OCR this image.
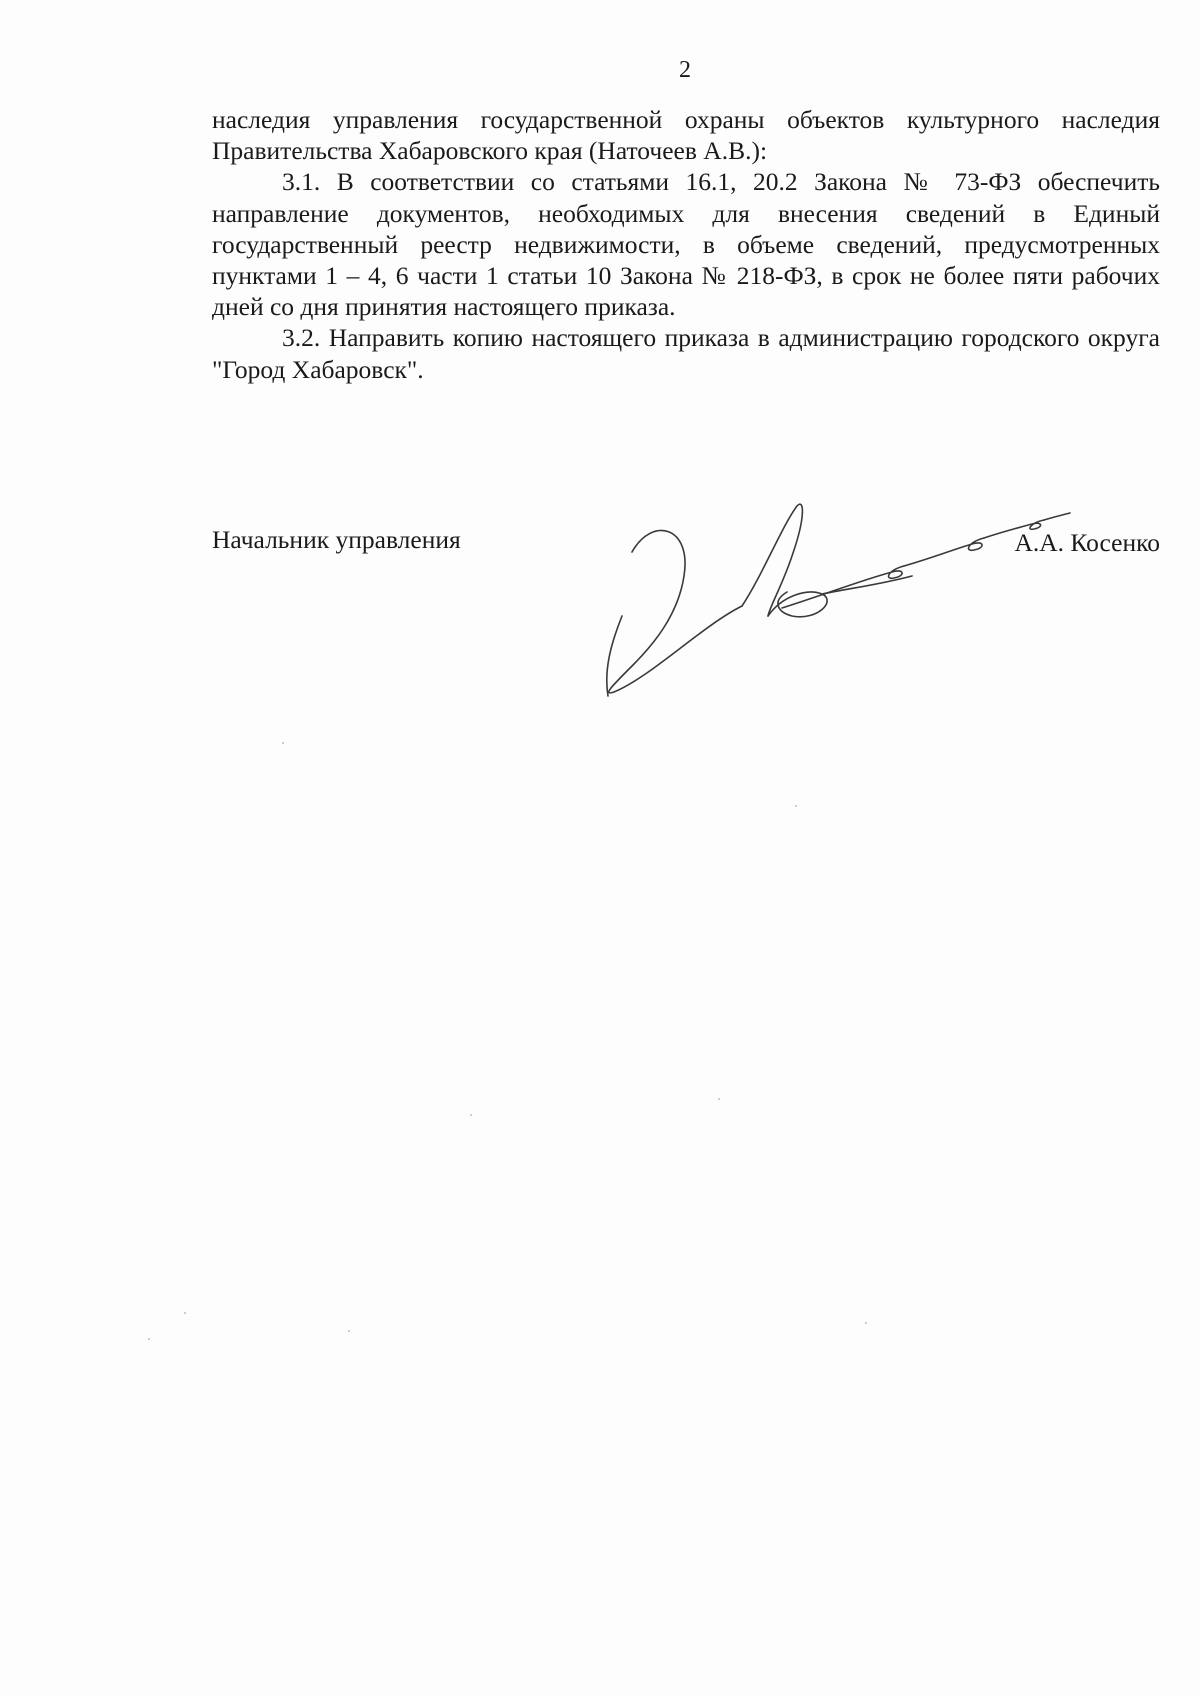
2

наследия управления государственной охраны объектов культурного наследия Правительства Хабаровского края (Наточеев А.В.):

3.1. В соответствии со статьями 16.1, 20.2 Закона № 73-ФЗ обеспечить направление документов, необходимых для внесения сведений в Единый государственный реестр недвижимости, в объеме сведений, предусмотренных пунктами 1 – 4, 6 части 1 статьи 10 Закона № 218-ФЗ, в срок не более пяти рабочих дней со дня принятия настоящего приказа.

3.2. Направить копию настоящего приказа в администрацию городского округа "Город Хабаровск".

Начальник управления	А.А. Косенко
